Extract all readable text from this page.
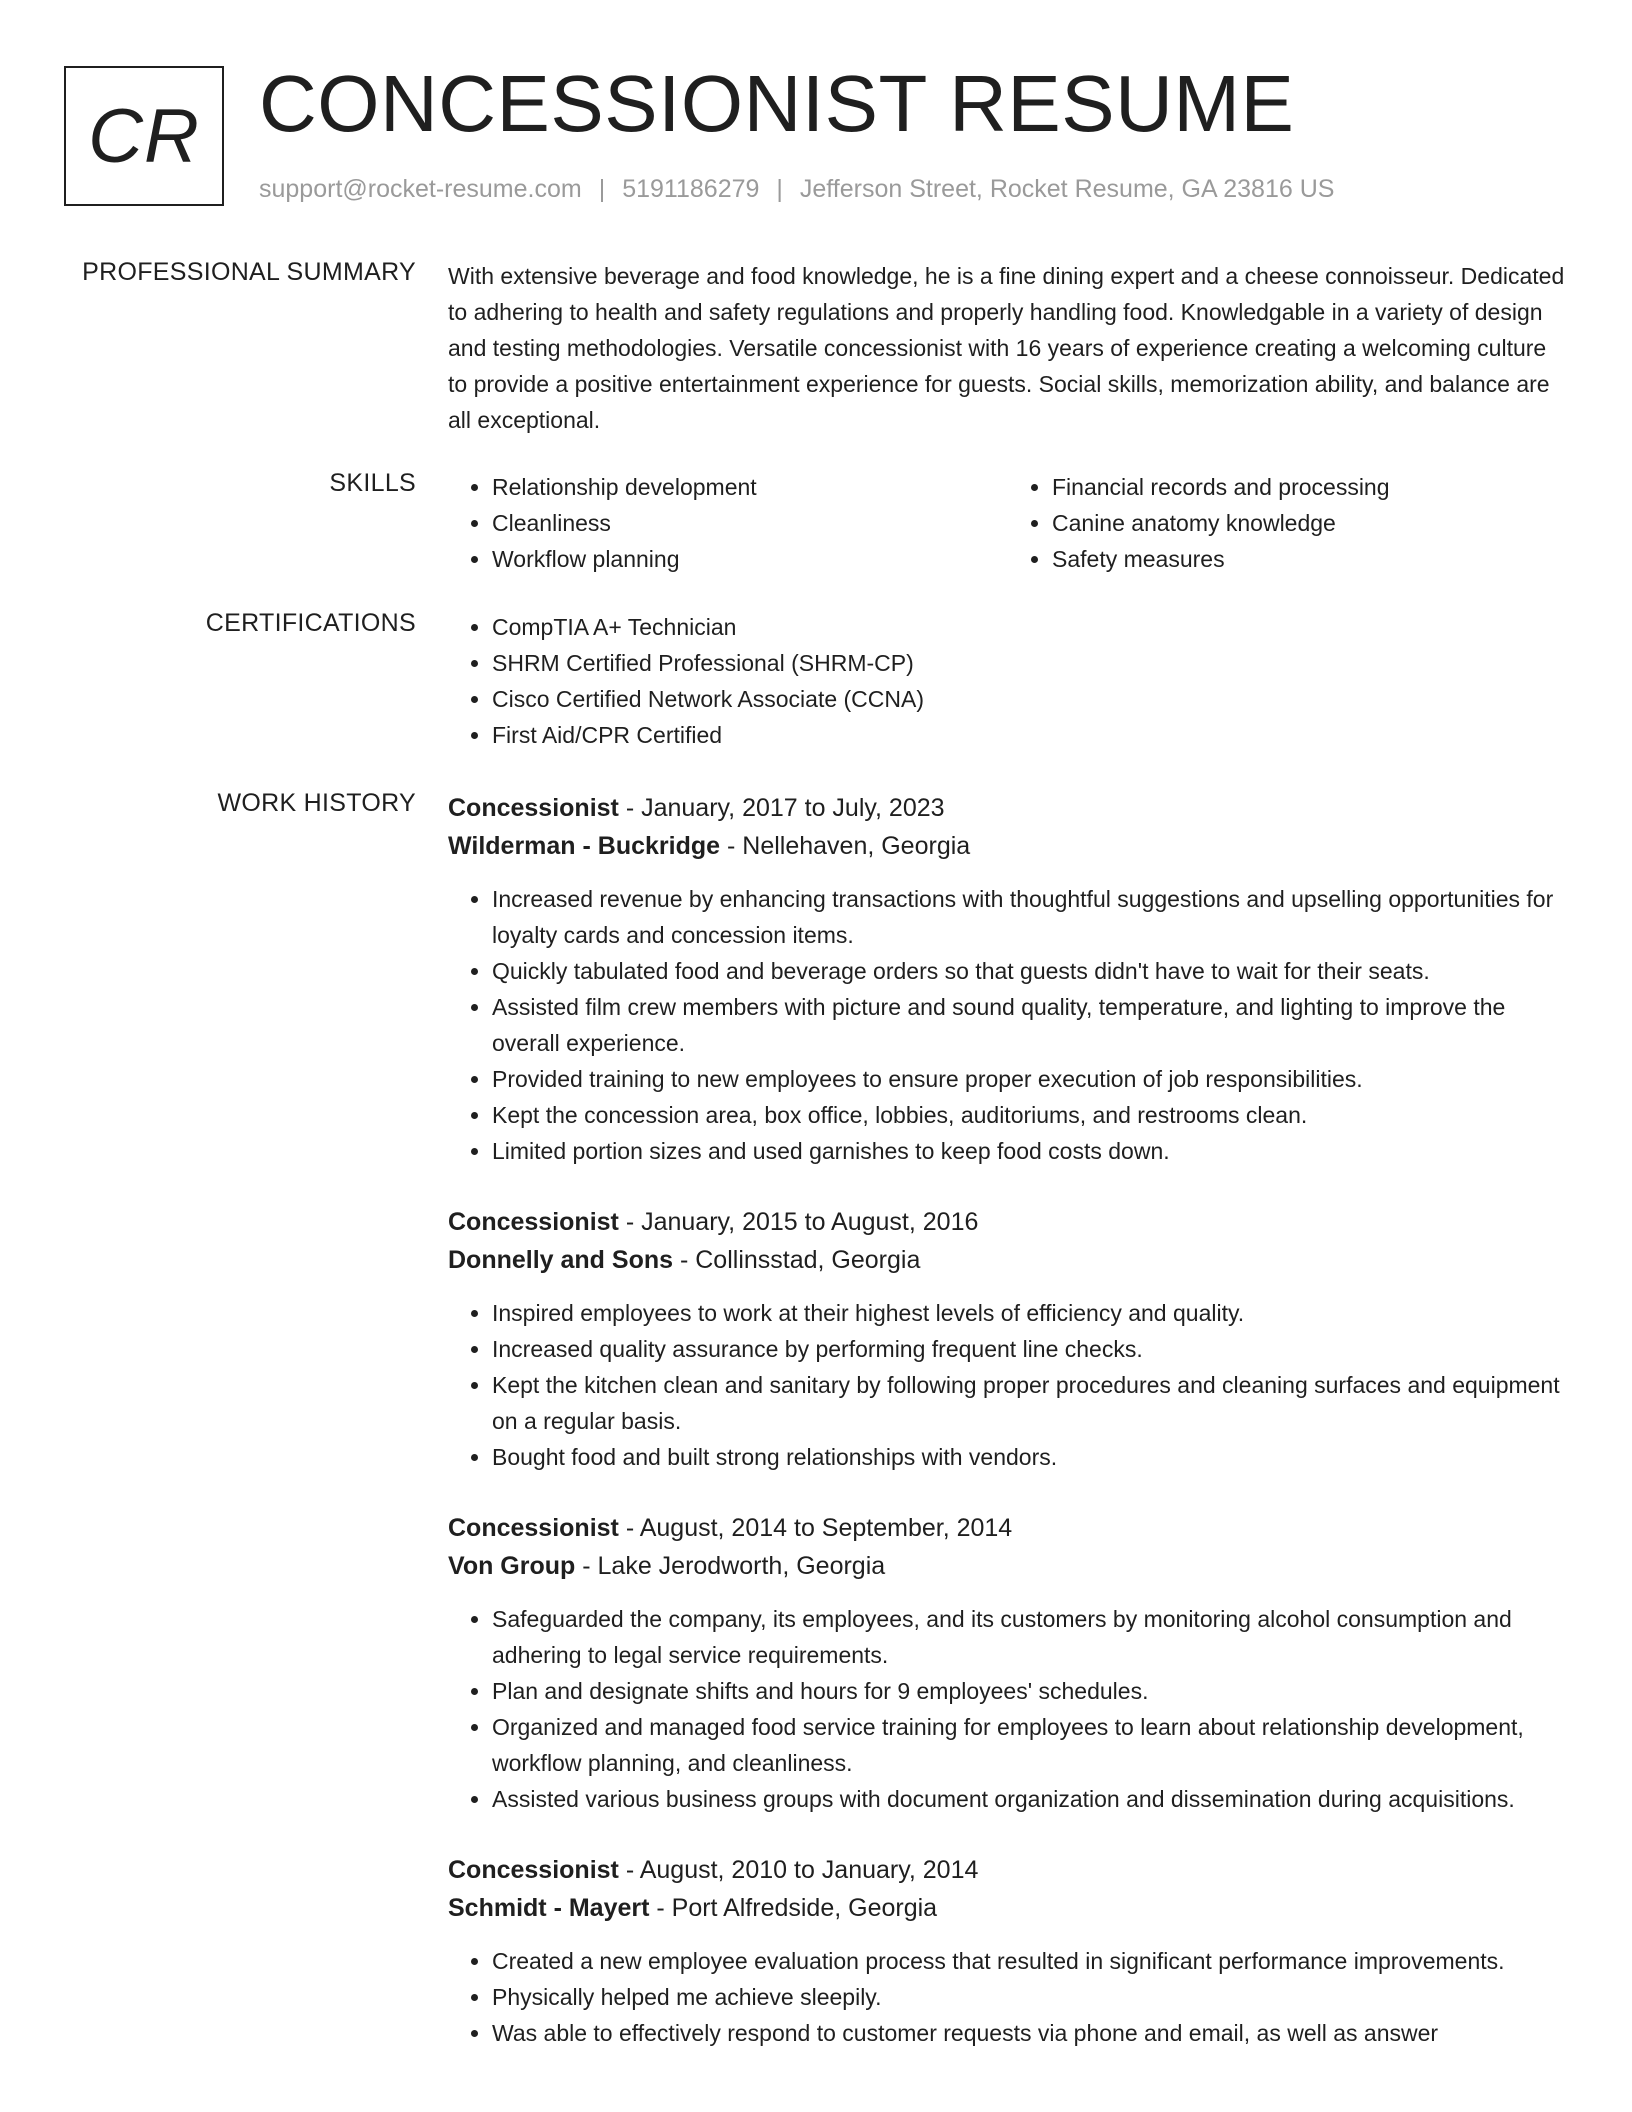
CR CONCESSIONIST RESUME
support@rocket-resume.com | 5191186279 | Jefferson Street, Rocket Resume, GA 23816 US
PROFESSIONAL SUMMARY With extensive beverage and food knowledge, he is a fine dining expert and a cheese connoisseur. Dedicated to adhering to health and safety regulations and properly handling food. Knowledgable in a variety of design and testing methodologies. Versatile concessionist with 16 years of experience creating a welcoming culture to provide a positive entertainment experience for guests. Social skills, memorization ability, and balance are all exceptional.
SKILLS	• Relationship development
• Cleanliness
• Workflow planning
• Financial records and processing
• Canine anatomy knowledge
• Safety measures
CERTIFICATIONS	• CompTIA A+ Technician
• SHRM Certified Professional (SHRM-CP)
• Cisco Certified Network Associate (CCNA)
• First Aid/CPR Certified
WORK HISTORY Concessionist - January, 2017 to July, 2023
Wilderman - Buckridge - Nellehaven, Georgia
• Increased revenue by enhancing transactions with thoughtful suggestions and upselling opportunities for loyalty cards and concession items.
• Quickly tabulated food and beverage orders so that guests didn't have to wait for their seats.
• Assisted film crew members with picture and sound quality, temperature, and lighting to improve the overall experience.
• Provided training to new employees to ensure proper execution of job responsibilities.
• Kept the concession area, box office, lobbies, auditoriums, and restrooms clean.
• Limited portion sizes and used garnishes to keep food costs down.
Concessionist - January, 2015 to August, 2016
Donnelly and Sons - Collinsstad, Georgia
• Inspired employees to work at their highest levels of efficiency and quality.
• Increased quality assurance by performing frequent line checks.
• Kept the kitchen clean and sanitary by following proper procedures and cleaning surfaces and equipment on a regular basis.
• Bought food and built strong relationships with vendors.
Concessionist - August, 2014 to September, 2014
Von Group - Lake Jerodworth, Georgia
• Safeguarded the company, its employees, and its customers by monitoring alcohol consumption and adhering to legal service requirements.
• Plan and designate shifts and hours for 9 employees' schedules.
• Organized and managed food service training for employees to learn about relationship development, workflow planning, and cleanliness.
• Assisted various business groups with document organization and dissemination during acquisitions.
Concessionist - August, 2010 to January, 2014
Schmidt - Mayert - Port Alfredside, Georgia
• Created a new employee evaluation process that resulted in significant performance improvements.
• Physically helped me achieve sleepily.
• Was able to effectively respond to customer requests via phone and email, as well as answer
